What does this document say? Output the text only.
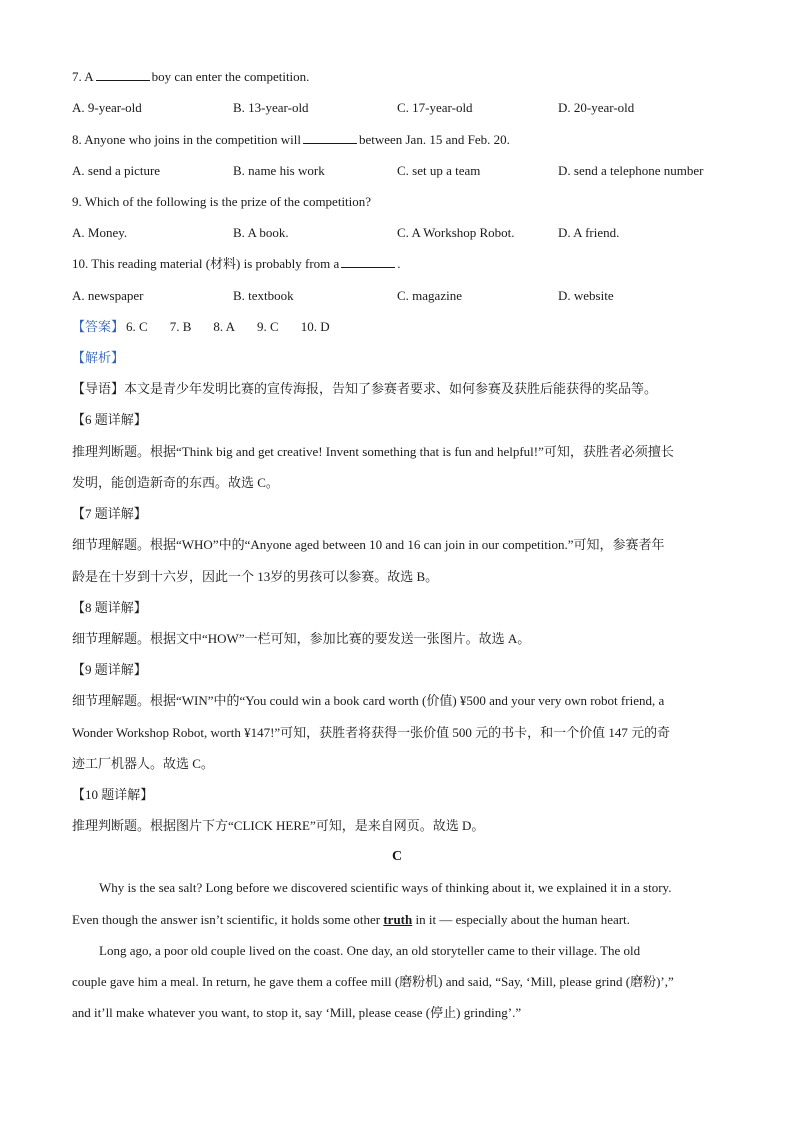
7. A	boy can enter the competition.
A. 9-year-old	B. 13-year-old	C. 17-year-old	D. 20-year-old
8. Anyone who joins in the competition will	between Jan. 15 and Feb. 20.
A. send a picture	B. name his work	C. set up a team	D. send a telephone number
9. Which of the following is the prize of the competition?
A. Money.	B. A book.	C. A Workshop Robot.	D. A friend.
10. This reading material (材料) is probably from a	.
A. newspaper	B. textbook	C. magazine	D. website
【答案】 6. C 7. B 8. A 9. C 10. D
【解析】
【导语】本文是青少年发明比赛的宣传海报，告知了参赛者要求、如何参赛及获胜后能获得的奖品等。
【6 题详解】
推理判断题。根据“Think big and get creative! Invent something that is fun and helpful!”可知，获胜者必须擅长
发明，能创造新奇的东西。故选 C。
【7 题详解】
细节理解题。根据“WHO”中的“Anyone aged between 10 and 16 can join in our competition.”可知，参赛者年
龄是在十岁到十六岁，因此一个 13岁的男孩可以参赛。故选 B。
【8 题详解】
细节理解题。根据文中“HOW”一栏可知，参加比赛的要发送一张图片。故选 A。
【9 题详解】
细节理解题。根据“WIN”中的“You could win a book card worth (价值) ¥500 and your very own robot friend, a
Wonder Workshop Robot, worth ¥147!”可知，获胜者将获得一张价值 500 元的书卡，和一个价值 147 元的奇
迹工厂机器人。故选 C。
【10 题详解】
推理判断题。根据图片下方“CLICK HERE”可知，是来自网页。故选 D。
C
Why is the sea salt? Long before we discovered scientific ways of thinking about it, we explained it in a story.
Even though the answer isn’t scientific, it holds some other truth in it — especially about the human heart.
Long ago, a poor old couple lived on the coast. One day, an old storyteller came to their village. The old
couple gave him a meal. In return, he gave them a coffee mill (磨粉机) and said, “Say, ‘Mill, please grind (磨粉)’,”
and it’ll make whatever you want, to stop it, say ‘Mill, please cease (停止) grinding’.”
